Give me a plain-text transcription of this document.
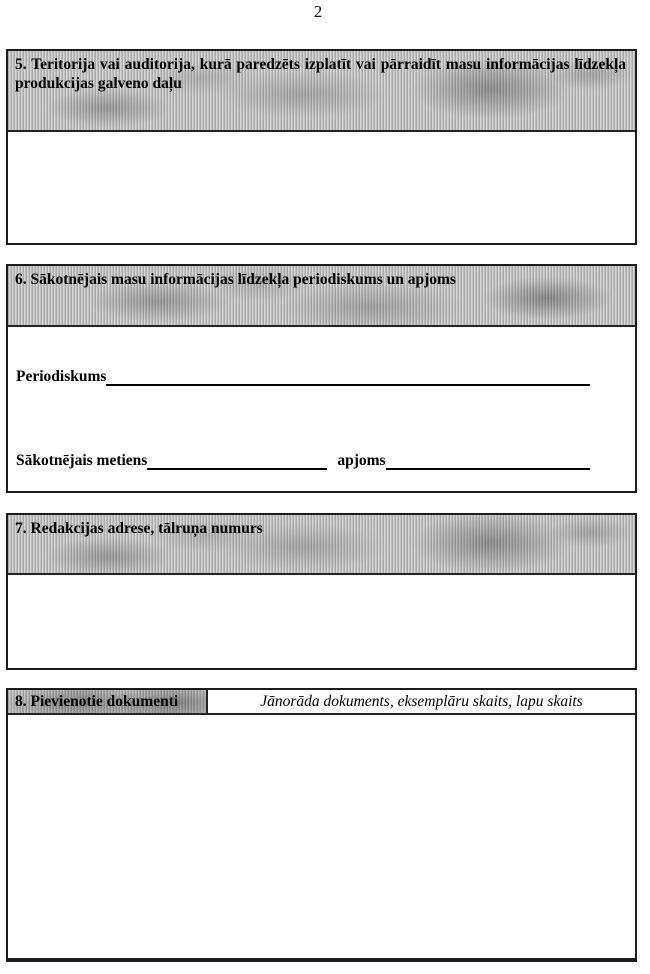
2
5. Teritorija vai auditorija, kurā paredzēts izplatīt vai pārraidīt masu informācijas līdzekļa produkcijas galveno daļu
6. Sākotnējais masu informācijas līdzekļa periodiskums un apjoms
Periodiskums
Sākotnējais metiens	apjoms
7. Redakcijas adrese, tālruņa numurs
8. Pievienotie dokumenti	Jānorāda dokuments, eksemplāru skaits, lapu skaits
